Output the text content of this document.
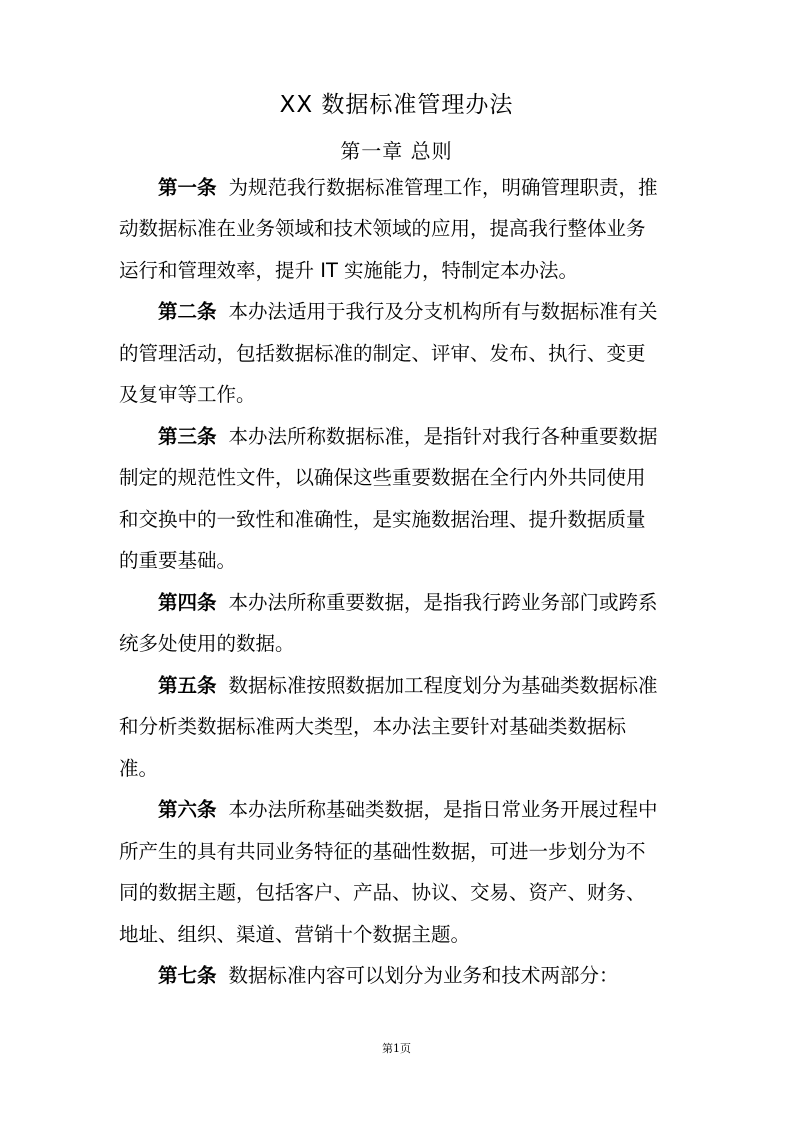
XX 数据标准管理办法
第一章 总则
第一条 为规范我行数据标准管理工作，明确管理职责，推
动数据标准在业务领域和技术领域的应用，提高我行整体业务
运行和管理效率，提升 IT 实施能力，特制定本办法。
第二条 本办法适用于我行及分支机构所有与数据标准有关
的管理活动，包括数据标准的制定、评审、发布、执行、变更
及复审等工作。
第三条 本办法所称数据标准，是指针对我行各种重要数据
制定的规范性文件，以确保这些重要数据在全行内外共同使用
和交换中的一致性和准确性，是实施数据治理、提升数据质量
的重要基础。
第四条 本办法所称重要数据，是指我行跨业务部门或跨系
统多处使用的数据。
第五条 数据标准按照数据加工程度划分为基础类数据标准
和分析类数据标准两大类型，本办法主要针对基础类数据标
准。
第六条 本办法所称基础类数据，是指日常业务开展过程中
所产生的具有共同业务特征的基础性数据，可进一步划分为不
同的数据主题，包括客户、产品、协议、交易、资产、财务、
地址、组织、渠道、营销十个数据主题。
第七条 数据标准内容可以划分为业务和技术两部分：
第1页
